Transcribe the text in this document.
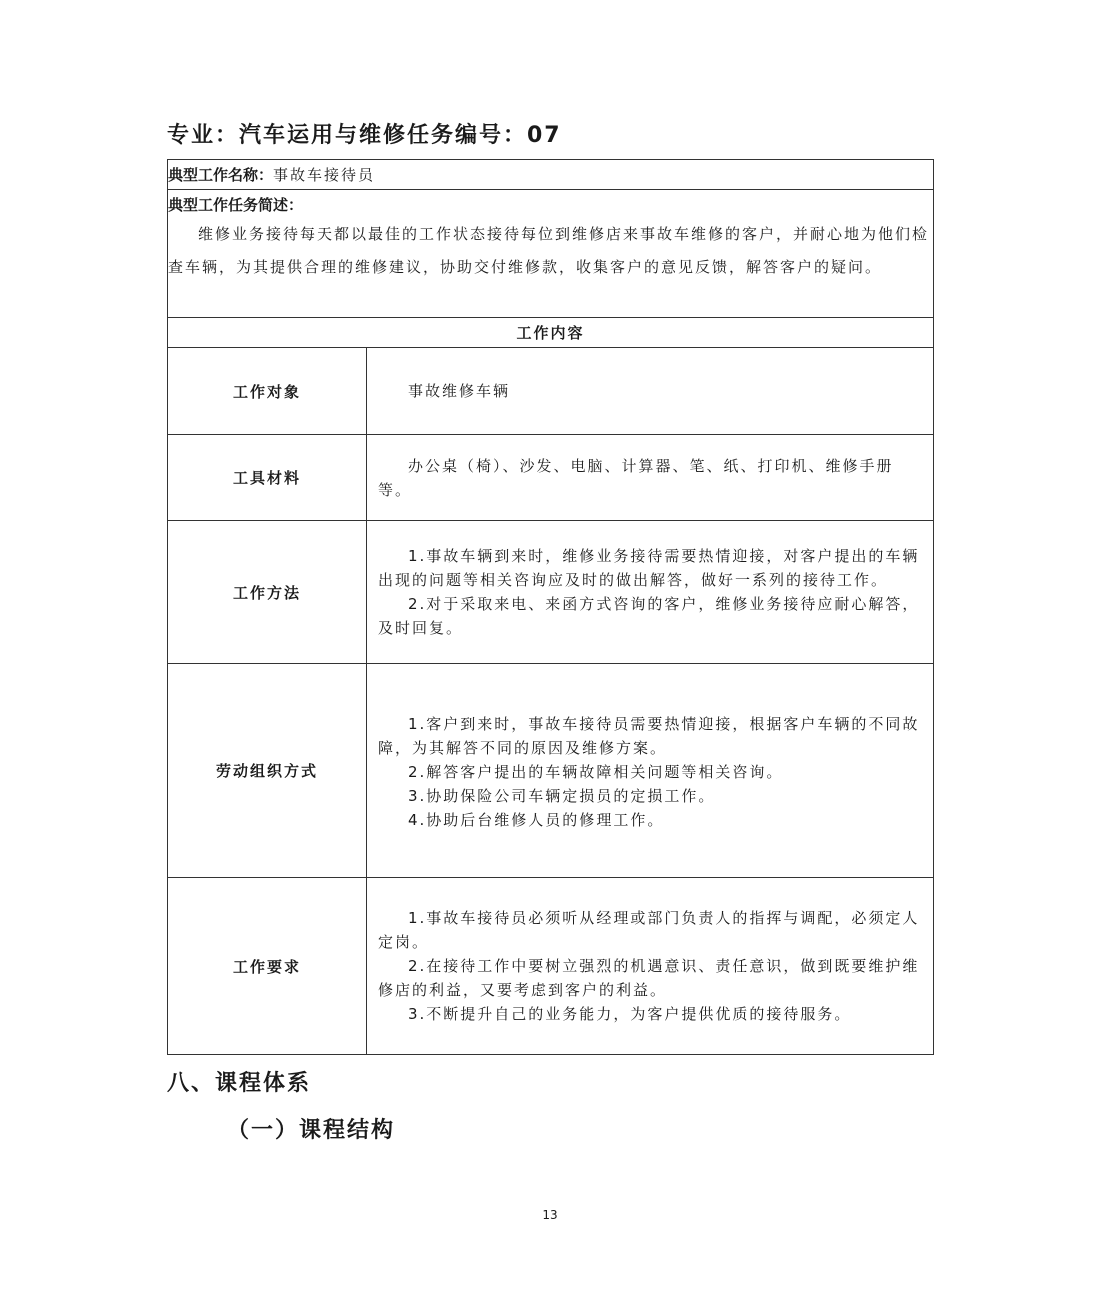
专业：汽车运用与维修任务编号：07
典型工作名称：事故车接待员	

典型工作任务简述：

维修业务接待每天都以最佳的工作状态接待每位到维修店来事故车维修的客户，并耐心地为他们检查车辆，为其提供合理的维修建议，协助交付维修款，收集客户的意见反馈，解答客户的疑问。	

工作内容	
工作对象	事故维修车辆

工具材料	办公桌（椅）、沙发、电脑、计算器、笔、纸、打印机、维修手册等。

工作方法	1.事故车辆到来时，维修业务接待需要热情迎接，对客户提出的车辆出现的问题等相关咨询应及时的做出解答，做好一系列的接待工作。

2.对于采取来电、来函方式咨询的客户，维修业务接待应耐心解答，及时回复。

劳动组织方式	1.客户到来时，事故车接待员需要热情迎接，根据客户车辆的不同故障，为其解答不同的原因及维修方案。

2.解答客户提出的车辆故障相关问题等相关咨询。

3.协助保险公司车辆定损员的定损工作。

4.协助后台维修人员的修理工作。

工作要求	1.事故车接待员必须听从经理或部门负责人的指挥与调配，必须定人定岗。

2.在接待工作中要树立强烈的机遇意识、责任意识，做到既要维护维修店的利益，又要考虑到客户的利益。

3.不断提升自己的业务能力，为客户提供优质的接待服务。

八、课程体系
（一）课程结构
13
